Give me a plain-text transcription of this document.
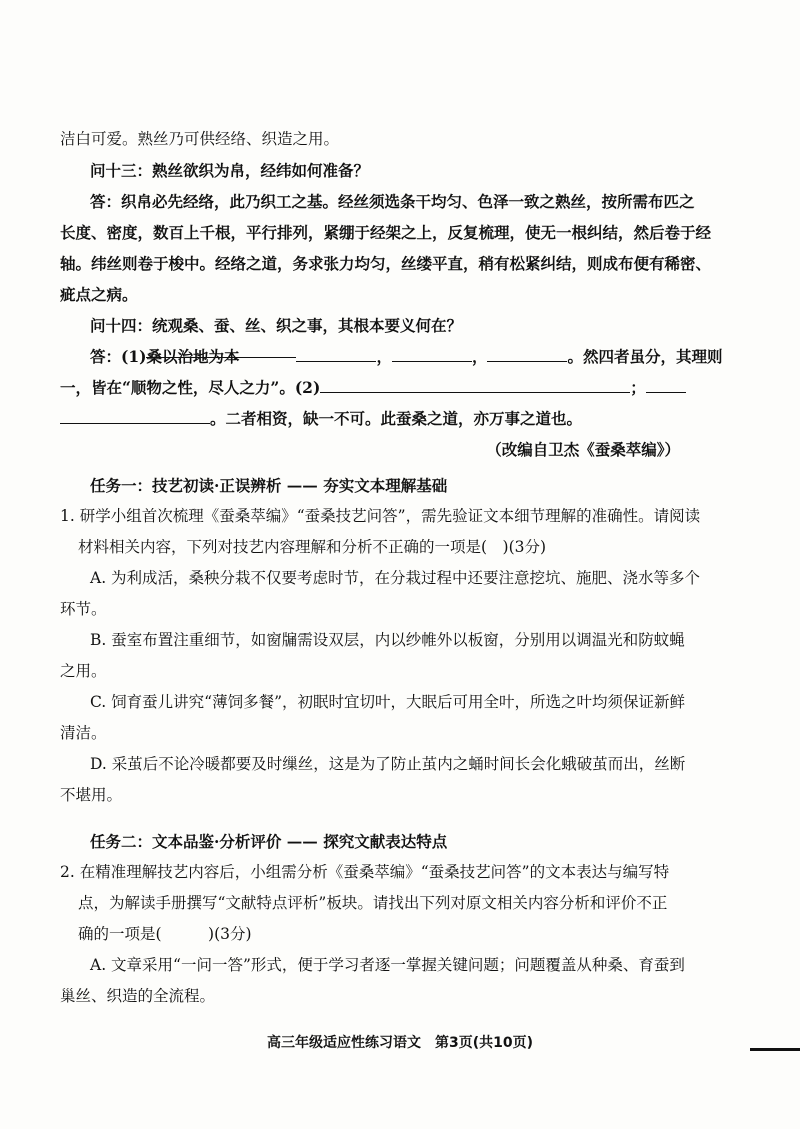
洁白可爱。熟丝乃可供经络、织造之用。
问十三：熟丝欲织为帛，经纬如何准备？
答：织帛必先经络，此乃织工之基。经丝须选条干均匀、色泽一致之熟丝，按所需布匹之
长度、密度，数百上千根，平行排列，紧绷于经架之上，反复梳理，使无一根纠结，然后卷于经
轴。纬丝则卷于梭中。经络之道，务求张力均匀，丝缕平直，稍有松紧纠结，则成布便有稀密、
疵点之病。
问十四：统观桑、蚕、丝、织之事，其根本要义何在？
答：(1)桑以治地为本	，	，	。然四者虽分，其理则
一，皆在“顺物之性，尽人之力”。(2)	；
。二者相资，缺一不可。此蚕桑之道，亦万事之道也。
（改编自卫杰《蚕桑萃编》）
任务一：技艺初读·正误辨析 —— 夯实文本理解基础
1. 研学小组首次梳理《蚕桑萃编》“蚕桑技艺问答”，需先验证文本细节理解的准确性。请阅读
材料相关内容，下列对技艺内容理解和分析不正确的一项是(　)(3分)
A. 为利成活，桑秧分栽不仅要考虑时节，在分栽过程中还要注意挖坑、施肥、浇水等多个
环节。
B. 蚕室布置注重细节，如窗牖需设双层，内以纱帷外以板窗，分别用以调温光和防蚊蝇
之用。
C. 饲育蚕儿讲究“薄饲多餐”，初眠时宜切叶，大眠后可用全叶，所选之叶均须保证新鲜
清洁。
D. 采茧后不论冷暖都要及时缫丝，这是为了防止茧内之蛹时间长会化蛾破茧而出，丝断
不堪用。
任务二：文本品鉴·分析评价 —— 探究文献表达特点
2. 在精准理解技艺内容后，小组需分析《蚕桑萃编》“蚕桑技艺问答”的文本表达与编写特
点，为解读手册撰写“文献特点评析”板块。请找出下列对原文相关内容分析和评价不正
确的一项是(　　　)(3分)
A. 文章采用“一问一答”形式，便于学习者逐一掌握关键问题；问题覆盖从种桑、育蚕到
巢丝、织造的全流程。
高三年级适应性练习语文　第3页(共10页)
